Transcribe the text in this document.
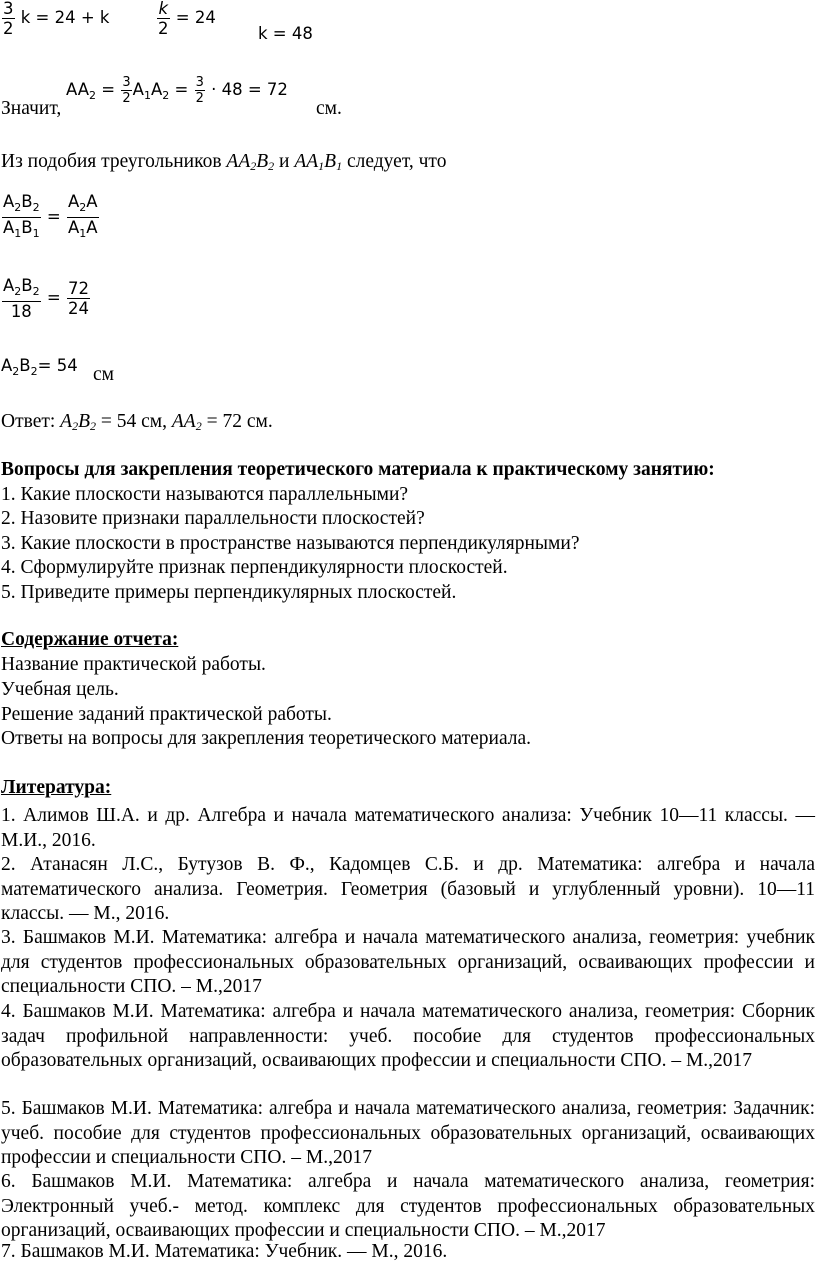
$\frac{3}{2}$ k = 24 + k	$\frac{k}{2} = 24$
k = 48
Значит,
$AA_2 = \frac{3}{2} A_1A_2 = \frac{3}{2} \cdot 48 = 72$
см.
Из подобия треугольников $AA_2B_2$ и $AA_1B_1$ следует, что
$\frac{A_2B_2}{A_1B_1} = \frac{A_2A}{A_1A}$
$\frac{A_2B_2}{18} = \frac{72}{24}$
$A_2B_2= 54$ см
Ответ: $A_2B_2 = 54$ см, $AA_2 = 72$ см.
Вопросы для закрепления теоретического материала к практическому занятию:
1. Какие плоскости называются параллельными?
2. Назовите признаки параллельности плоскостей?
3. Какие плоскости в пространстве называются перпендикулярными?
4. Сформулируйте признак перпендикулярности плоскостей.
5. Приведите примеры перпендикулярных плоскостей.
Содержание отчета:
Название практической работы.
Учебная цель.
Решение заданий практической работы.
Ответы на вопросы для закрепления теоретического материала.
Литература:
1. Алимов Ш.А. и др. Алгебра и начала математического анализа: Учебник 10—11 классы. — М.И., 2016.
2. Атанасян Л.С., Бутузов В. Ф., Кадомцев С.Б. и др. Математика: алгебра и начала математического анализа. Геометрия. Геометрия (базовый и углубленный уровни). 10—11 классы. — М., 2016.
3. Башмаков М.И. Математика: алгебра и начала математического анализа, геометрия: учебник для студентов профессиональных образовательных организаций, осваивающих профессии и специальности СПО. – М.,2017
4. Башмаков М.И. Математика: алгебра и начала математического анализа, геометрия: Сборник задач профильной направленности: учеб. пособие для студентов профессиональных образовательных организаций, осваивающих профессии и специальности СПО. – М.,2017
5. Башмаков М.И. Математика: алгебра и начала математического анализа, геометрия: Задачник: учеб. пособие для студентов профессиональных образовательных организаций, осваивающих профессии и специальности СПО. – М.,2017
6. Башмаков М.И. Математика: алгебра и начала математического анализа, геометрия: Электронный учеб.- метод. комплекс для студентов профессиональных образовательных организаций, осваивающих профессии и специальности СПО. – М.,2017
7. Башмаков М.И. Математика: Учебник. — М., 2016.
